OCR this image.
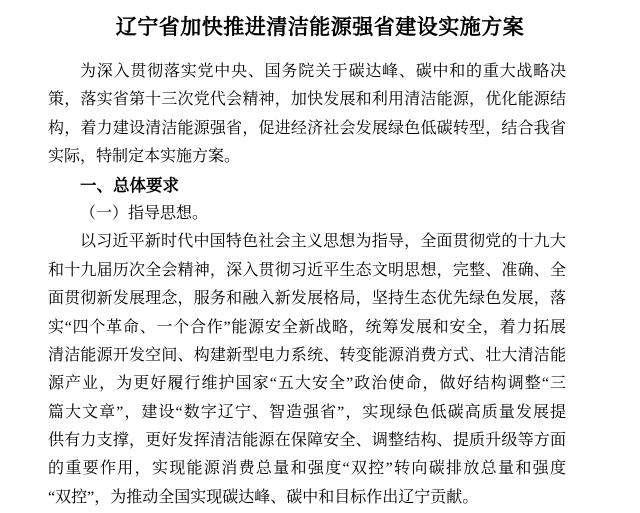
辽宁省加快推进清洁能源强省建设实施方案
为深入贯彻落实党中央、国务院关于碳达峰、碳中和的重大战略决
策，落实省第十三次党代会精神，加快发展和利用清洁能源，优化能源结
构，着力建设清洁能源强省，促进经济社会发展绿色低碳转型，结合我省
实际，特制定本实施方案。
一、总体要求
（一）指导思想。
以习近平新时代中国特色社会主义思想为指导，全面贯彻党的十九大
和十九届历次全会精神，深入贯彻习近平生态文明思想，完整、准确、全
面贯彻新发展理念，服务和融入新发展格局，坚持生态优先绿色发展，落
实“四个革命、一个合作”能源安全新战略，统筹发展和安全，着力拓展
清洁能源开发空间、构建新型电力系统、转变能源消费方式、壮大清洁能
源产业，为更好履行维护国家“五大安全”政治使命，做好结构调整“三
篇大文章”，建设“数字辽宁、智造强省”，实现绿色低碳高质量发展提
供有力支撑，更好发挥清洁能源在保障安全、调整结构、提质升级等方面
的重要作用，实现能源消费总量和强度“双控”转向碳排放总量和强度
“双控”，为推动全国实现碳达峰、碳中和目标作出辽宁贡献。
